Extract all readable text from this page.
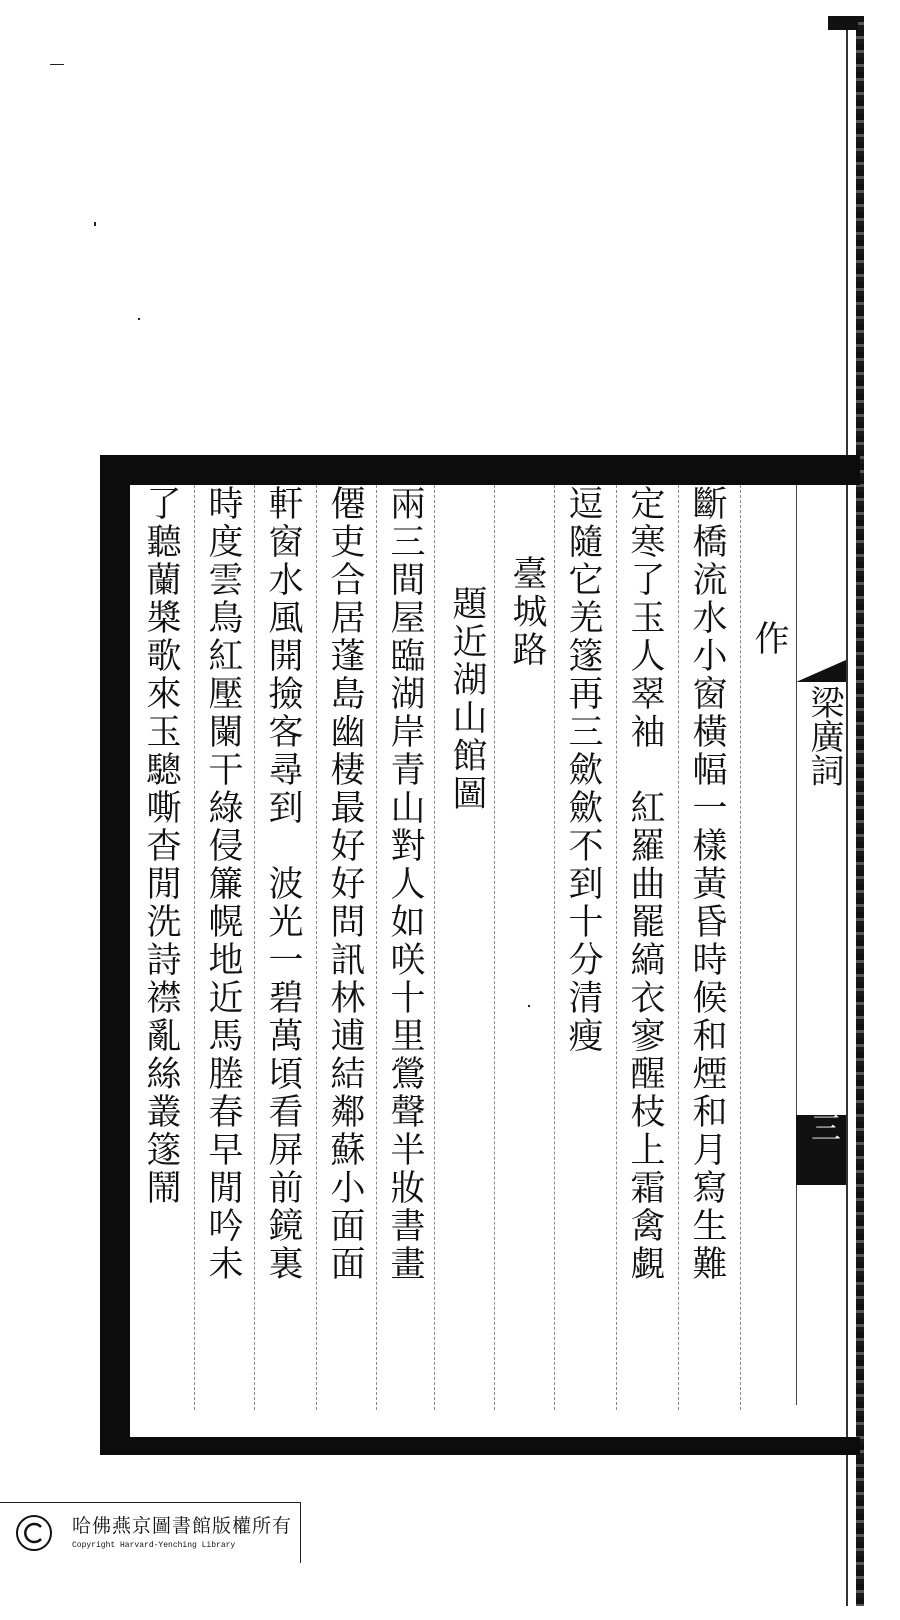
作
斷橋流水小窗橫幅一樣黃昏時候和煙和月寫生難
定寒了玉人翠袖　紅羅曲罷縞衣寥醒枝上霜禽覷
逗隨它羌篴再三歛歛不到十分清瘦
臺城路
題近湖山館圖
兩三間屋臨湖岸青山對人如咲十里鶯聲半妝書畫
僊吏合居蓬島幽棲最好好問訊林逋結鄰蘇小面面
軒窗水風開撿客尋到　波光一碧萬頃看屏前鏡裏
時度雲鳥紅壓闌干綠侵簾幌地近馬塍春早閒吟未
了聽蘭槳歌來玉驄嘶杳閒洗詩襟亂絲叢篴鬧	梁廣詞
三
哈佛燕京圖書館版權所有
Copyright Harvard-Yenching Library
